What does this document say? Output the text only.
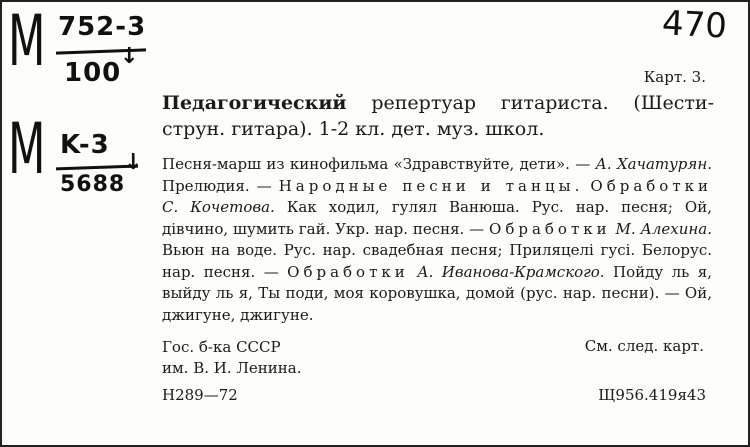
M 752-3
100
↓
M K-3
5688
↓
470
Карт. 3.
Педагогический репертуар гитариста. (Шести-струн. гитара). 1-2 кл. дет. муз. школ.
Песня-марш из кинофильма «Здравствуйте, дети». — А. Хачатурян. Прелюдия. — Народные песни и танцы. Обработки С. Кочетова. Как ходил, гулял Ванюша. Рус. нар. песня; Ой, дівчино, шумить гай. Укр. нар. песня. — Обработки М. Алехина. Вьюн на воде. Рус. нар. свадебная песня; Приляцелі гусі. Белорус. нар. песня. — Обработки А. Иванова-Крамского. Пойду ль я, выйду ль я, Ты поди, моя коровушка, домой (рус. нар. песни). — Ой, джигуне, джигуне.
Гос. б-ка СССР
им. В. И. Ленина.
См. след. карт.
Н289—72	Щ956.419я43
